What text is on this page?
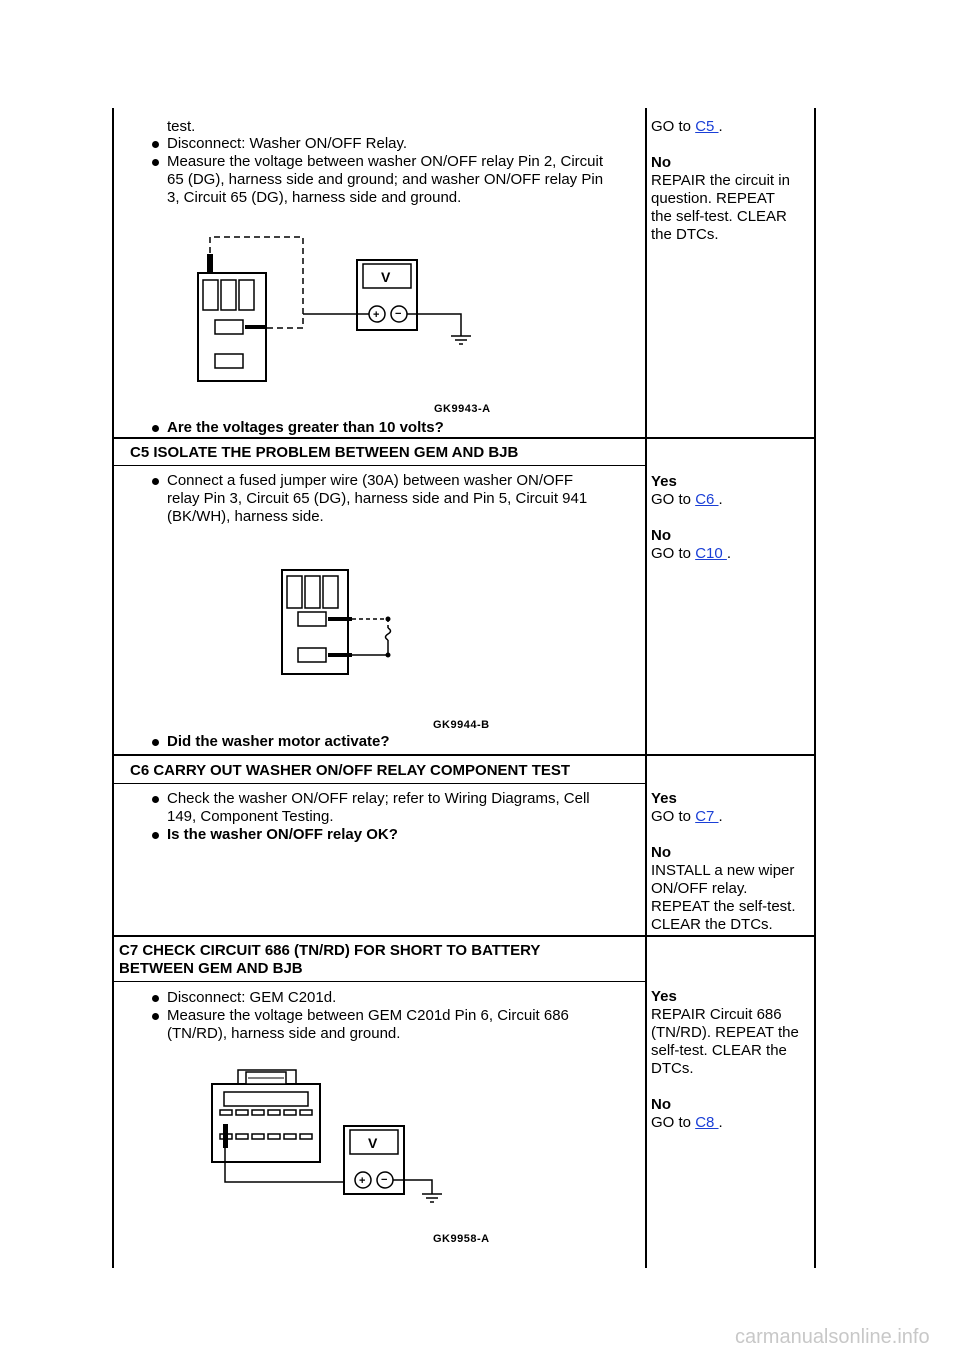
test.
Disconnect: Washer ON/OFF Relay.
Measure the voltage between washer ON/OFF relay Pin 2, Circuit
65 (DG), harness side and ground; and washer ON/OFF relay Pin
3, Circuit 65 (DG), harness side and ground.
V
+ −
GK9943-A
Are the voltages greater than 10 volts?
GO to C5 .
No
REPAIR the circuit in
question. REPEAT
the self-test. CLEAR
the DTCs.
C5 ISOLATE THE PROBLEM BETWEEN GEM AND BJB
Connect a fused jumper wire (30A) between washer ON/OFF
relay Pin 3, Circuit 65 (DG), harness side and Pin 5, Circuit 941
(BK/WH), harness side.
GK9944-B
Did the washer motor activate?
Yes
GO to C6 .
No
GO to C10 .
C6 CARRY OUT WASHER ON/OFF RELAY COMPONENT TEST
Check the washer ON/OFF relay; refer to Wiring Diagrams, Cell
149, Component Testing.
Is the washer ON/OFF relay OK?
Yes
GO to C7 .
No
INSTALL a new wiper
ON/OFF relay.
REPEAT the self-test.
CLEAR the DTCs.
C7 CHECK CIRCUIT 686 (TN/RD) FOR SHORT TO BATTERY
BETWEEN GEM AND BJB
Disconnect: GEM C201d.
Measure the voltage between GEM C201d Pin 6, Circuit 686
(TN/RD), harness side and ground.
V
+ −
GK9958-A
Yes
REPAIR Circuit 686
(TN/RD). REPEAT the
self-test. CLEAR the
DTCs.
No
GO to C8 .
carmanualsonline.info
